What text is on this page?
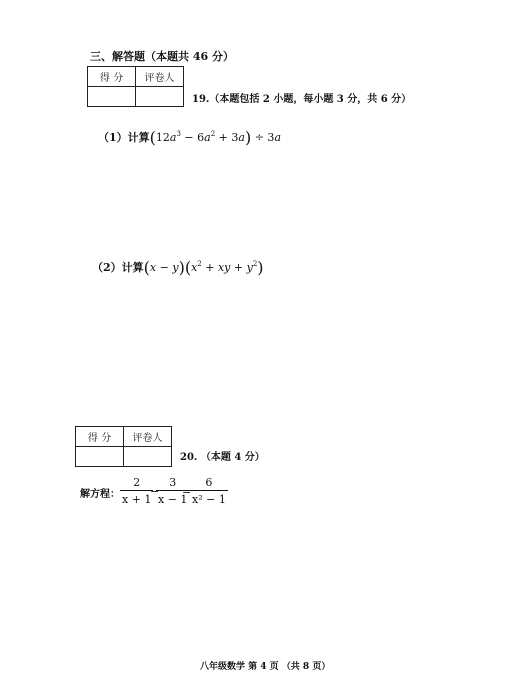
三、解答题（本题共 46 分）
得 分	评卷人

19.（本题包括 2 小题，每小题 3 分，共 6 分）
（1）计算$(12a^3 - 6a^2 + 3a) \div 3a$
（2）计算$(x - y)(x^2$ + xy + $y^2$)
得 分	评卷人

20. （本题 4 分）
解方程： $\frac{2}{x + 1}$
−
$\frac{3}{x - 1}$
=
$\frac{6}{\text{x² − 1}}$
八年级数学 第 4 页 （共 8 页）
